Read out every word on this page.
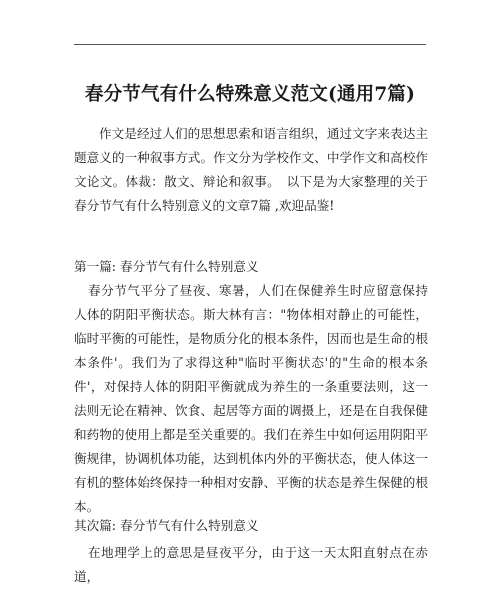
春分节气有什么特殊意义范文(通用7篇)

作文是经过人们的思想思索和语言组织，通过文字来表达主题意义的一种叙事方式。作文分为学校作文、中学作文和高校作文论文。体裁：散文、辩论和叙事。　以下是为大家整理的关于春分节气有什么特别意义的文章7篇 ,欢迎品鉴!

第一篇: 春分节气有什么特别意义

春分节气平分了昼夜、寒暑，人们在保健养生时应留意保持人体的阴阳平衡状态。斯大林有言："物体相对静止的可能性，临时平衡的可能性，是物质分化的根本条件，因而也是生命的根本条件'。我们为了求得这种"临时平衡状态'的"生命的根本条件'，对保持人体的阴阳平衡就成为养生的一条重要法则，这一法则无论在精神、饮食、起居等方面的调摄上，还是在自我保健和药物的使用上都是至关重要的。我们在养生中如何运用阴阳平衡规律，协调机体功能，达到机体内外的平衡状态，使人体这一有机的整体始终保持一种相对安静、平衡的状态是养生保健的根本。

其次篇: 春分节气有什么特别意义

在地理学上的意思是昼夜平分，由于这一天太阳直射点在赤道，
